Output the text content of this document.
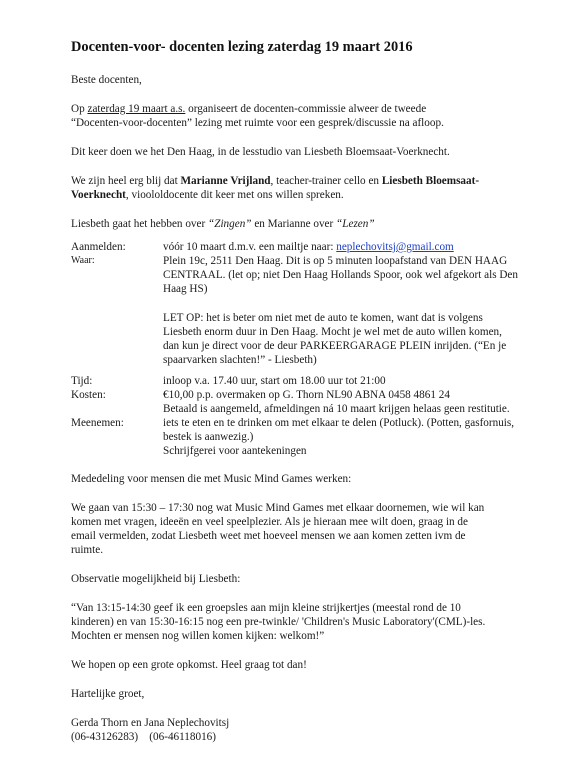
Docenten-voor- docenten lezing zaterdag 19 maart 2016
Beste docenten,
Op zaterdag 19 maart a.s. organiseert de docenten-commissie alweer de tweede
“Docenten-voor-docenten” lezing met ruimte voor een gesprek/discussie na afloop.
Dit keer doen we het Den Haag, in de lesstudio van Liesbeth Bloemsaat-Voerknecht.
We zijn heel erg blij dat Marianne Vrijland, teacher-trainer cello en Liesbeth Bloemsaat-
Voerknecht, vioololdocente dit keer met ons willen spreken.
Liesbeth gaat het hebben over “Zingen” en Marianne over “Lezen”
Aanmelden:	vóór 10 maart d.m.v. een mailtje naar: neplechovitsj@gmail.com
Waar:	Plein 19c, 2511 Den Haag. Dit is op 5 minuten loopafstand van DEN HAAG
CENTRAAL. (let op; niet Den Haag Hollands Spoor, ook wel afgekort als Den
Haag HS)
LET OP: het is beter om niet met de auto te komen, want dat is volgens
Liesbeth enorm duur in Den Haag. Mocht je wel met de auto willen komen,
dan kun je direct voor de deur PARKEERGARAGE PLEIN inrijden. (“En je
spaarvarken slachten!” - Liesbeth)
Tijd:	inloop v.a. 17.40 uur, start om 18.00 uur tot 21:00
Kosten:	€10,00 p.p. overmaken op G. Thorn NL90 ABNA 0458 4861 24
Betaald is aangemeld, afmeldingen ná 10 maart krijgen helaas geen restitutie.
Meenemen:	iets te eten en te drinken om met elkaar te delen (Potluck). (Potten, gasfornuis,
bestek is aanwezig.)
Schrijfgerei voor aantekeningen
Mededeling voor mensen die met Music Mind Games werken:
We gaan van 15:30 – 17:30 nog wat Music Mind Games met elkaar doornemen, wie wil kan
komen met vragen, ideeën en veel speelplezier. Als je hieraan mee wilt doen, graag in de
email vermelden, zodat Liesbeth weet met hoeveel mensen we aan komen zetten ivm de
ruimte.
Observatie mogelijkheid bij Liesbeth:
“Van 13:15-14:30 geef ik een groepsles aan mijn kleine strijkertjes (meestal rond de 10
kinderen) en van 15:30-16:15 nog een pre-twinkle/ 'Children's Music Laboratory'(CML)-les.
Mochten er mensen nog willen komen kijken: welkom!”
We hopen op een grote opkomst. Heel graag tot dan!
Hartelijke groet,
Gerda Thorn en Jana Neplechovitsj
(06-43126283)    (06-46118016)
